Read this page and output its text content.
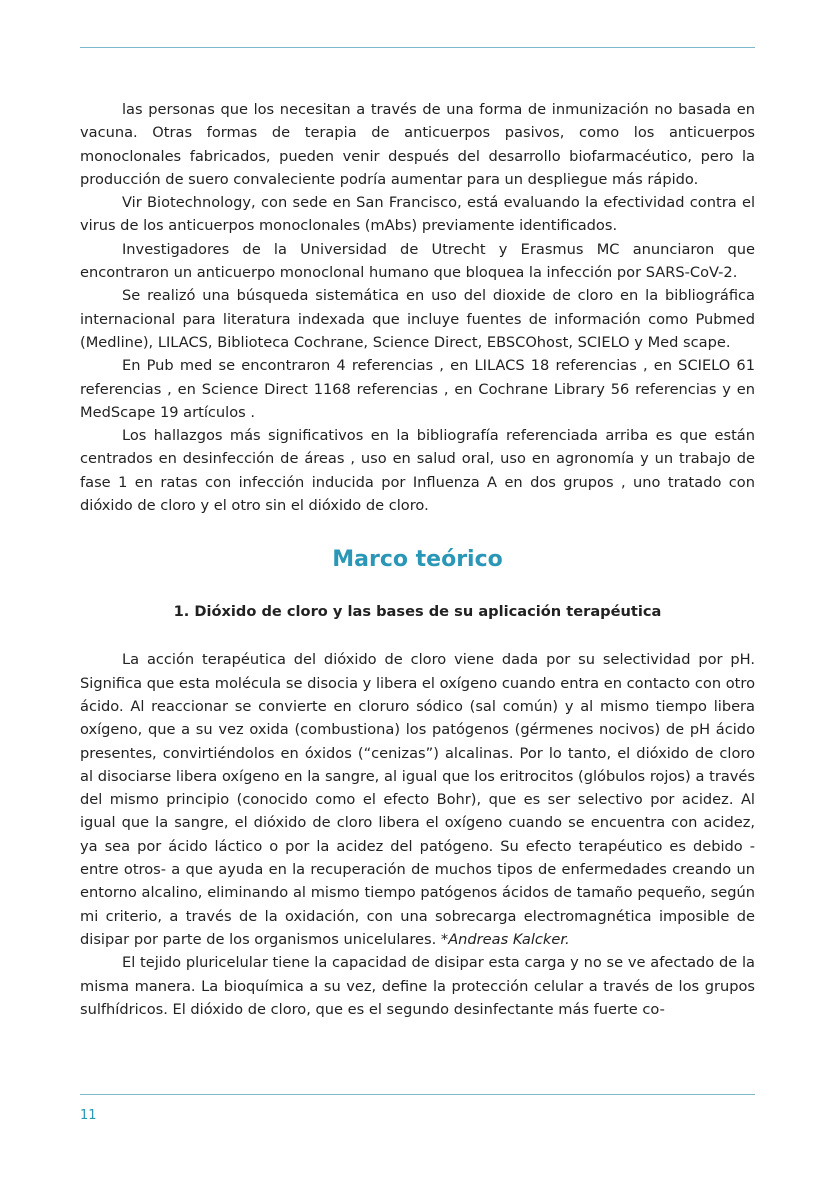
las personas que los necesitan a través de una forma de inmunización no basada en vacuna. Otras formas de terapia de anticuerpos pasivos, como los anticuerpos monoclonales fabricados, pueden venir después del desarrollo biofarmacéutico, pero la producción de suero convaleciente podría aumentar para un despliegue más rápido.

Vir Biotechnology, con sede en San Francisco, está evaluando la efectividad contra el virus de los anticuerpos monoclonales (mAbs) previamente identificados.

Investigadores de la Universidad de Utrecht y Erasmus MC anunciaron que encontraron un anticuerpo monoclonal humano que bloquea la infección por SARS-CoV-2.

Se realizó una búsqueda sistemática en uso del dioxide de cloro en la bibliográfica internacional para literatura indexada que incluye fuentes de información como Pubmed (Medline), LILACS, Biblioteca Cochrane, Science Direct, EBSCOhost, SCIELO y Med scape.

En Pub med se encontraron 4 referencias , en LILACS 18 referencias , en SCIELO 61 referencias , en Science Direct 1168 referencias , en Cochrane Library 56 referencias y en MedScape 19 artículos .

Los hallazgos más significativos en la bibliografía referenciada arriba es que están centrados en desinfección de áreas , uso en salud oral, uso en agronomía y un trabajo de fase 1 en ratas con infección inducida por Influenza A en dos grupos , uno tratado con dióxido de cloro y el otro sin el dióxido de cloro.

Marco teórico
1. Dióxido de cloro y las bases de su aplicación terapéutica

La acción terapéutica del dióxido de cloro viene dada por su selectividad por pH. Significa que esta molécula se disocia y libera el oxígeno cuando entra en contacto con otro ácido. Al reaccionar se convierte en cloruro sódico (sal común) y al mismo tiempo libera oxígeno, que a su vez oxida (combustiona) los patógenos (gérmenes nocivos) de pH ácido presentes, convirtiéndolos en óxidos (“cenizas”) alcalinas. Por lo tanto, el dióxido de cloro al disociarse libera oxígeno en la sangre, al igual que los eritrocitos (glóbulos rojos) a través del mismo principio (conocido como el efecto Bohr), que es ser selectivo por acidez. Al igual que la sangre, el dióxido de cloro libera el oxígeno cuando se encuentra con acidez, ya sea por ácido láctico o por la acidez del patógeno. Su efecto terapéutico es debido -entre otros- a que ayuda en la recuperación de muchos tipos de enfermedades creando un entorno alcalino, eliminando al mismo tiempo patógenos ácidos de tamaño pequeño, según mi criterio, a través de la oxidación, con una sobrecarga electromagnética imposible de disipar por parte de los organismos unicelulares. *Andreas Kalcker.

El tejido pluricelular tiene la capacidad de disipar esta carga y no se ve afectado de la misma manera. La bioquímica a su vez, define la protección celular a través de los grupos sulfhídricos. El dióxido de cloro, que es el segundo desinfectante más fuerte co-

11
